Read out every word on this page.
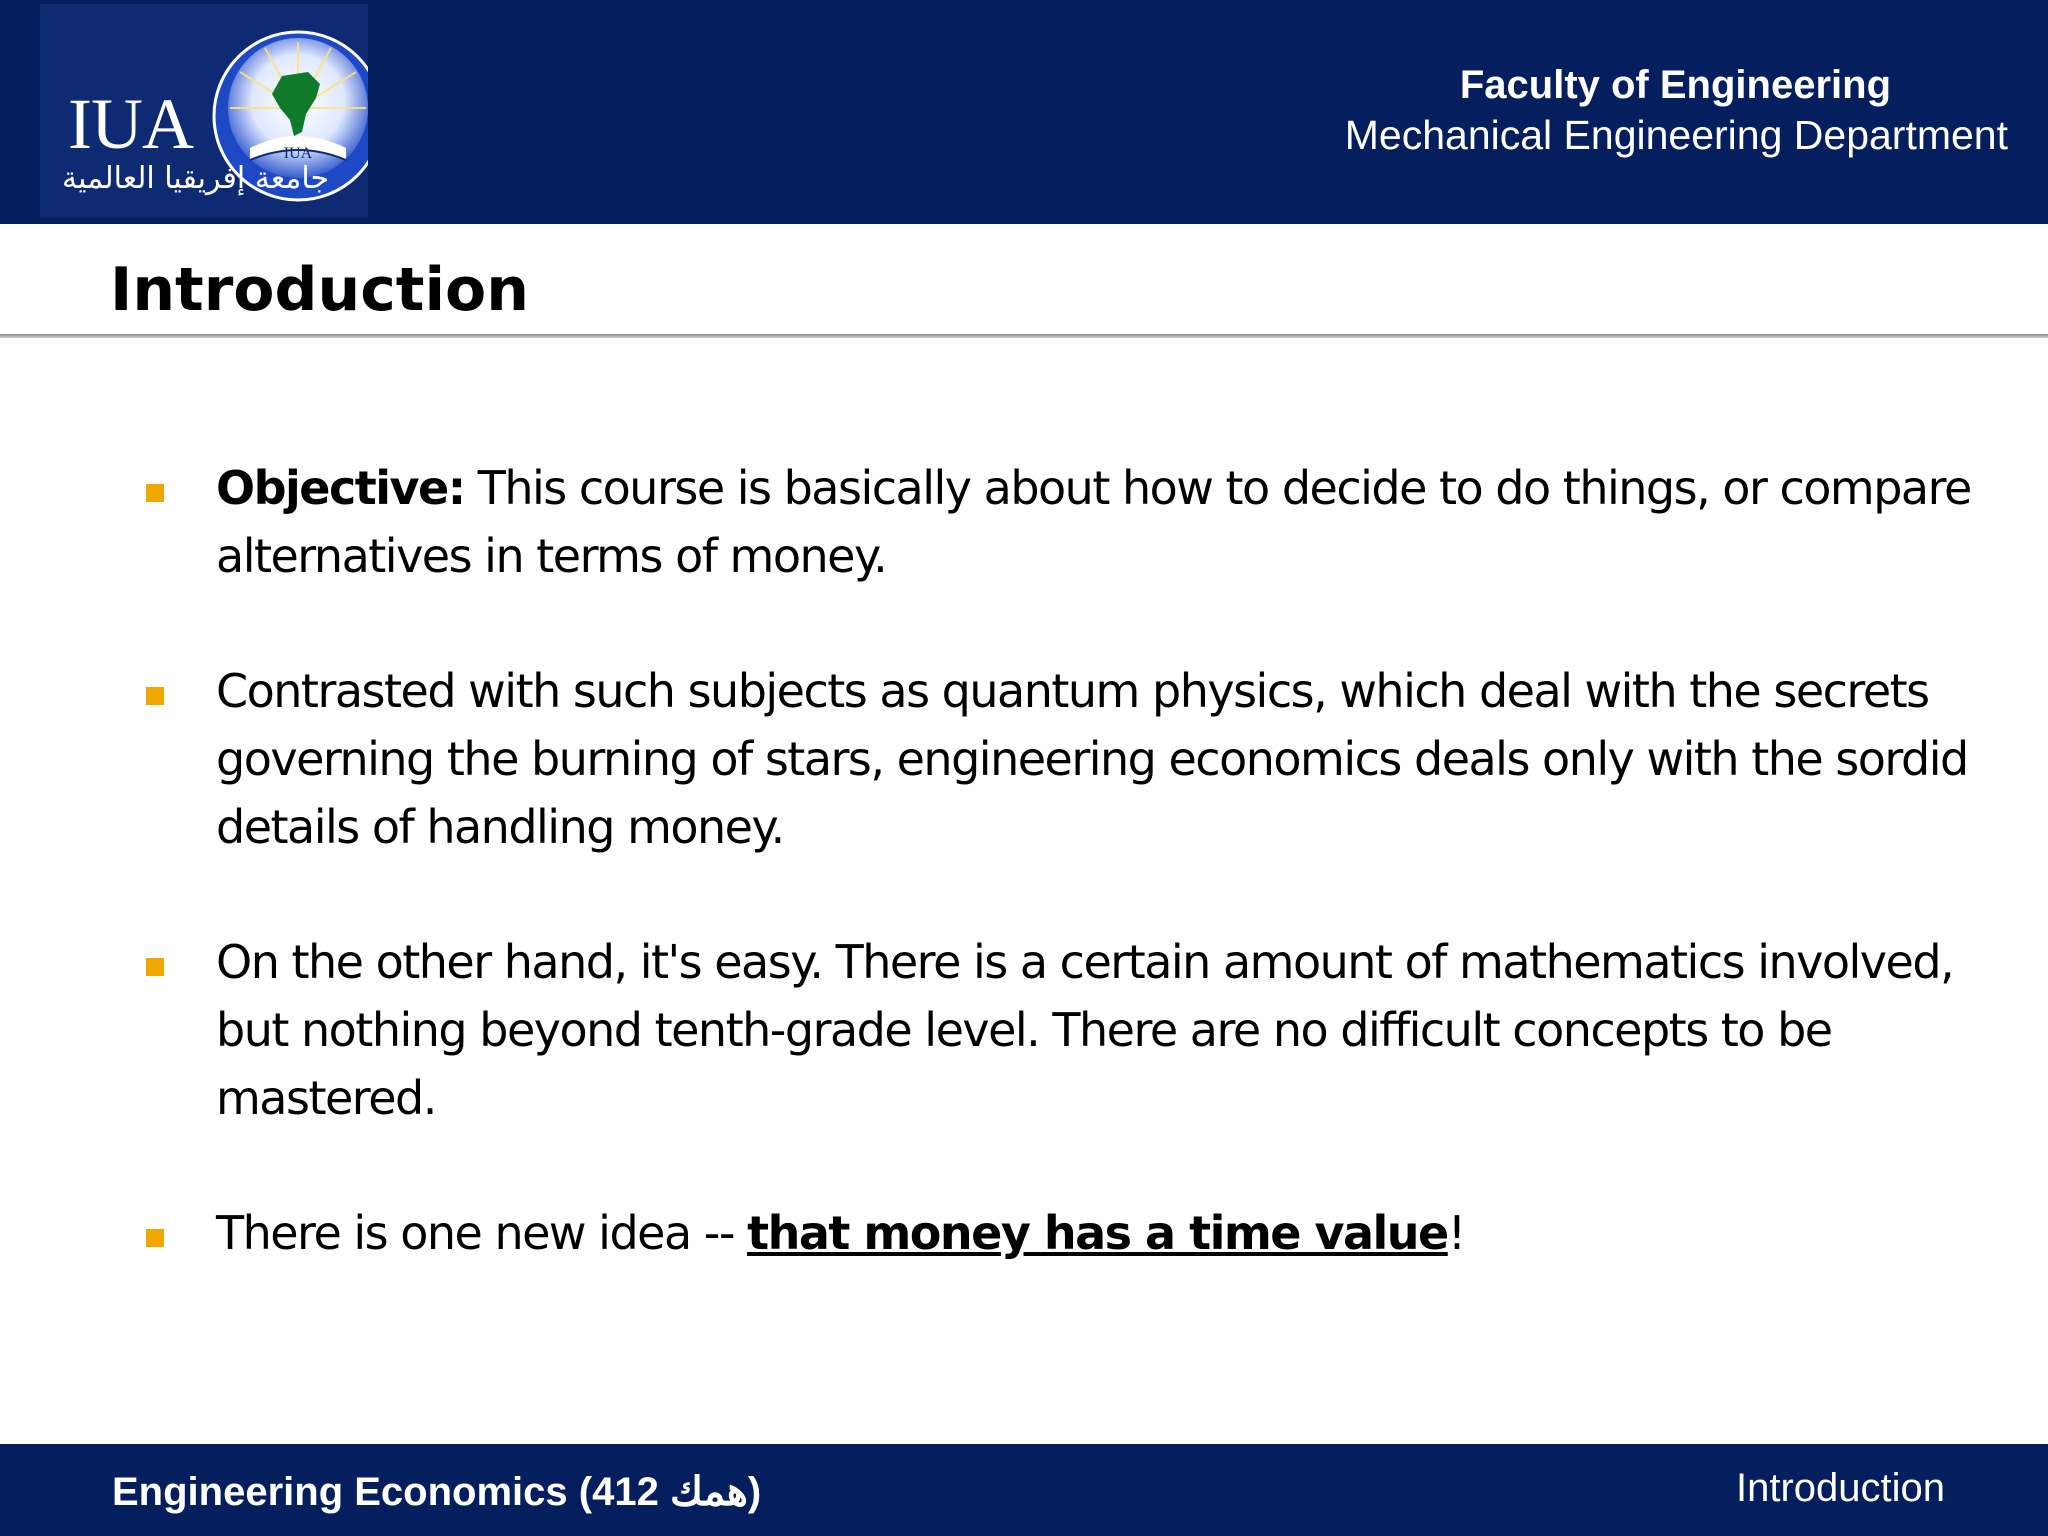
IUA
IUA
جامعة إفريقيا العالمية
Faculty of Engineering
Mechanical Engineering Department
Introduction
Objective: This course is basically about how to decide to do things, or compare alternatives in terms of money.
Contrasted with such subjects as quantum physics, which deal with the secrets governing the burning of stars, engineering economics deals only with the sordid details of handling money.
On the other hand, it's easy. There is a certain amount of mathematics involved, but nothing beyond tenth-grade level. There are no difficult concepts to be mastered.
There is one new idea -- that money has a time value!
Engineering Economics (همك 412)	Introduction
